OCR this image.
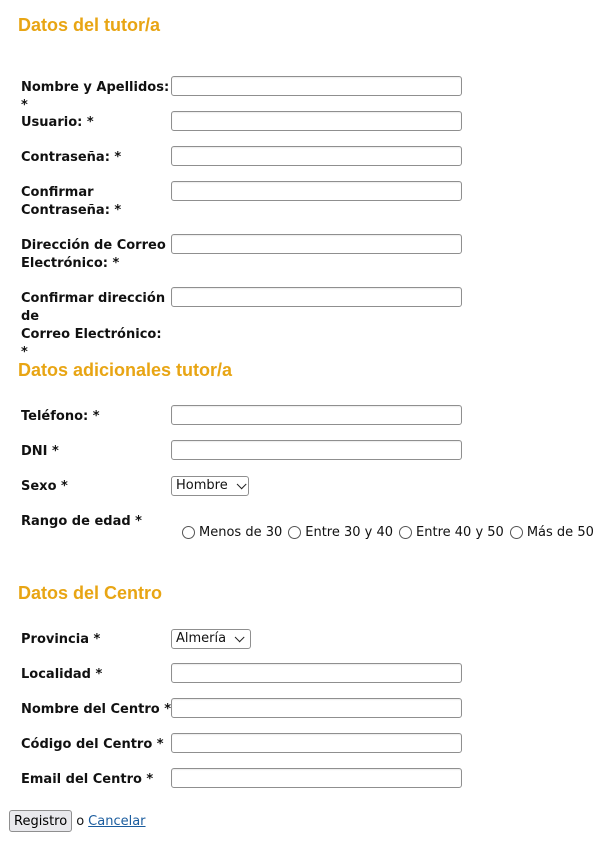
Datos del tutor/a
Nombre y Apellidos: *
Usuario: *
Contraseña: *
Confirmar
Contraseña: *
Dirección de Correo
Electrónico: *
Confirmar dirección de
Correo Electrónico: *
Datos adicionales tutor/a
Teléfono: *
DNI *
Sexo *	Hombre
Rango de edad *
Menos de 30 Entre 30 y 40 Entre 40 y 50 Más de 50
Datos del Centro
Provincia *	Almería
Localidad *
Nombre del Centro *
Código del Centro *
Email del Centro *
Registro o Cancelar
